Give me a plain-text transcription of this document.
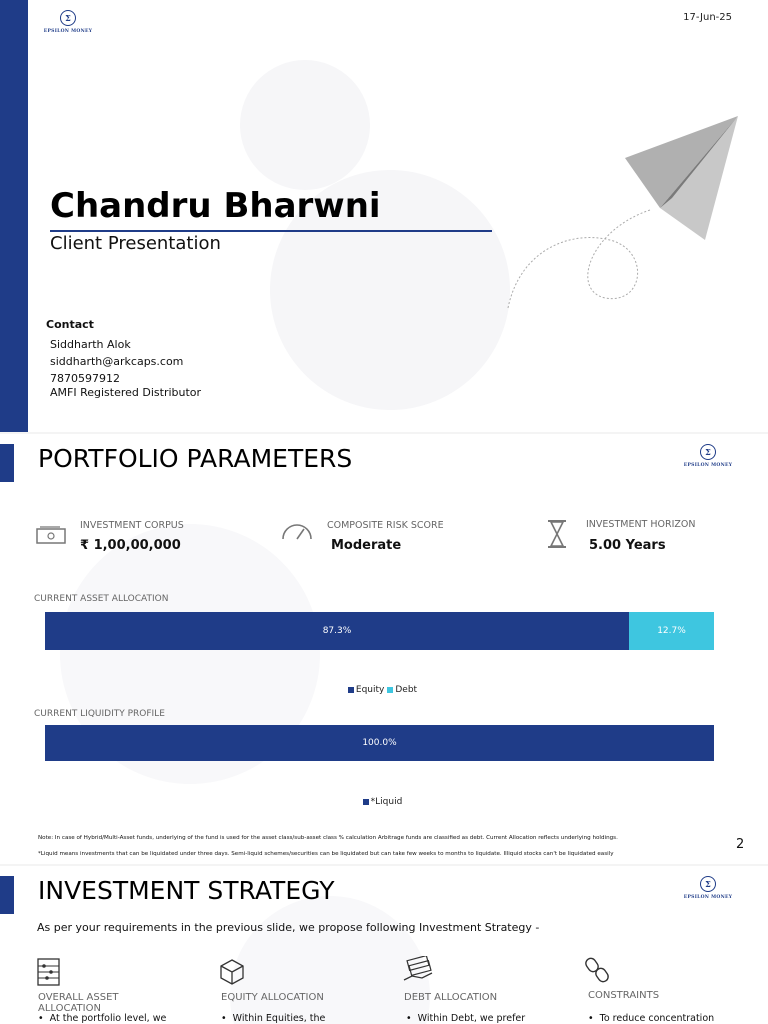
Σ
EPSILON MONEY
17-Jun-25
Chandru Bharwni
Client Presentation
Contact
Siddharth Alok
siddharth@arkcaps.com
7870597912
AMFI Registered Distributor
PORTFOLIO PARAMETERS	Σ
EPSILON MONEY
INVESTMENT CORPUS
₹ 1,00,00,000
COMPOSITE RISK SCORE
Moderate
INVESTMENT HORIZON
5.00 Years
CURRENT ASSET ALLOCATION
87.3%	12.7%
Equity Debt
CURRENT LIQUIDITY PROFILE
100.0%
*Liquid
Note: In case of Hybrid/Multi-Asset funds, underlying of the fund is used for the asset class/sub-asset class % calculation Arbitrage funds are classified as debt. Current Allocation reflects underlying holdings.
*Liquid means investments that can be liquidated under three days. Semi-liquid schemes/securities can be liquidated but can take few weeks to months to liquidate. Illiquid stocks can't be liquidated easily
2
INVESTMENT STRATEGY	Σ
EPSILON MONEY
As per your requirements in the previous slide, we propose following Investment Strategy -
OVERALL ASSET ALLOCATION
•  At the portfolio level, we
EQUITY ALLOCATION
•  Within Equities, the
DEBT ALLOCATION
•  Within Debt, we prefer
CONSTRAINTS
•  To reduce concentration
